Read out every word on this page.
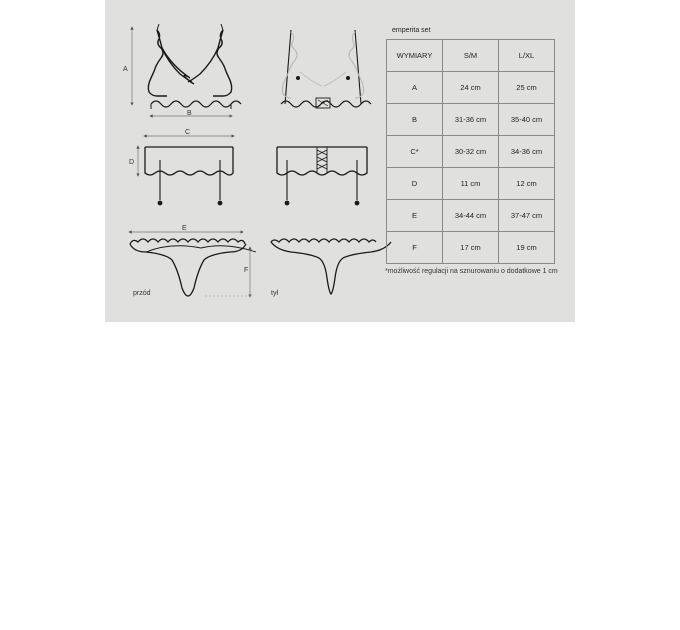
A
B
C
D
E
F
przód	tył
emperita set
WYMIARY	S/M	L/XL
A	24 cm	25 cm
B	31-36 cm	35-40 cm
C*	30-32 cm	34-36 cm
D	11 cm	12 cm
E	34-44 cm	37-47 cm
F	17 cm	19 cm
*możliwość regulacji na sznurowaniu o dodatkowe 1 cm
